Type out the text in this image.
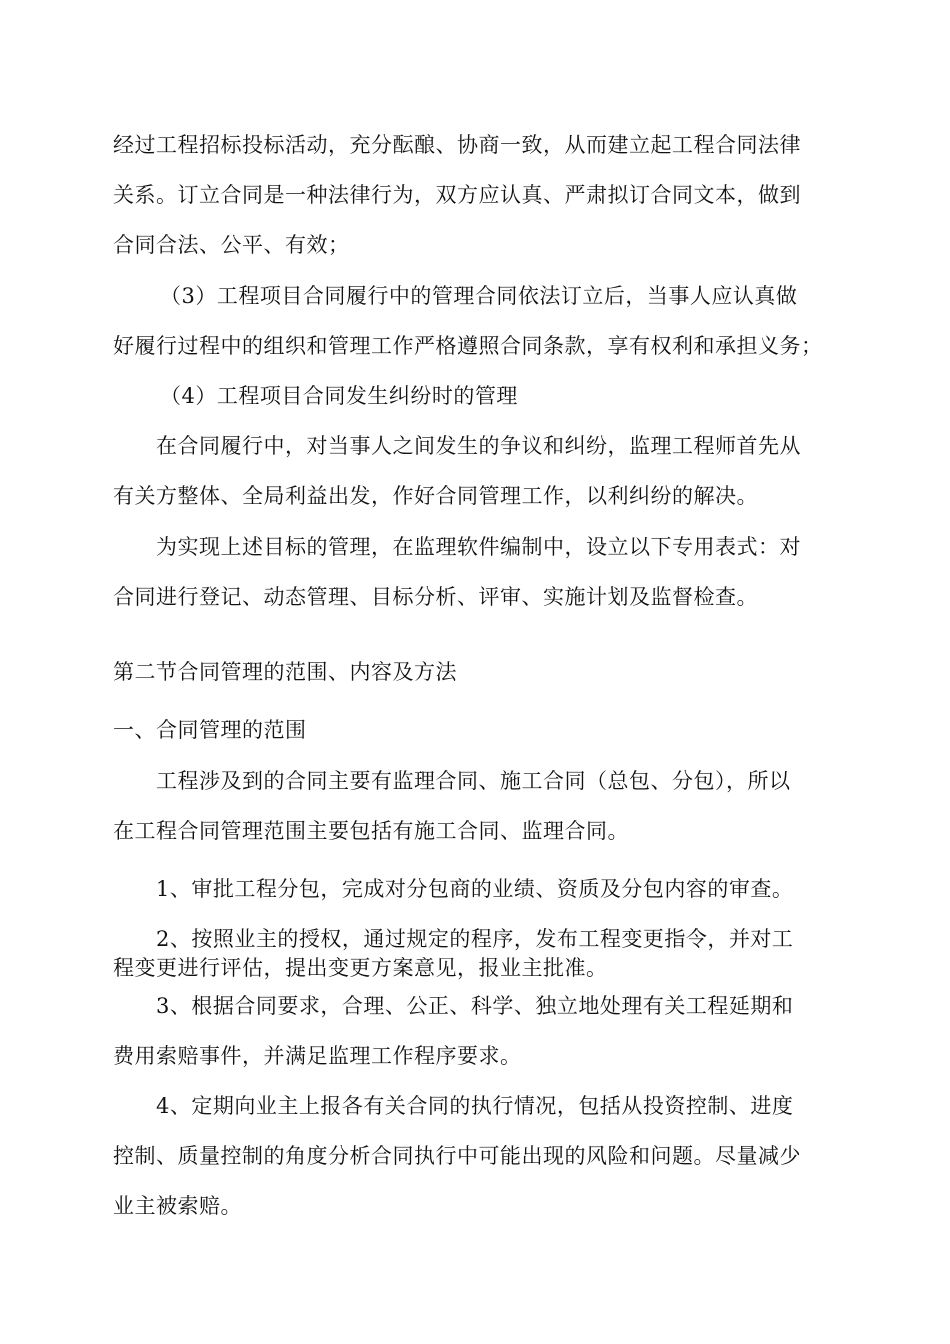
经过工程招标投标活动，充分酝酿、协商一致，从而建立起工程合同法律
关系。订立合同是一种法律行为，双方应认真、严肃拟订合同文本，做到
合同合法、公平、有效；
（3）工程项目合同履行中的管理合同依法订立后，当事人应认真做
好履行过程中的组织和管理工作严格遵照合同条款，享有权利和承担义务；
（4）工程项目合同发生纠纷时的管理
在合同履行中，对当事人之间发生的争议和纠纷，监理工程师首先从
有关方整体、全局利益出发，作好合同管理工作，以利纠纷的解决。
为实现上述目标的管理，在监理软件编制中，设立以下专用表式：对
合同进行登记、动态管理、目标分析、评审、实施计划及监督检查。
第二节合同管理的范围、内容及方法
一、合同管理的范围
工程涉及到的合同主要有监理合同、施工合同（总包、分包），所以
在工程合同管理范围主要包括有施工合同、监理合同。
1、审批工程分包，完成对分包商的业绩、资质及分包内容的审查。
2、按照业主的授权，通过规定的程序，发布工程变更指令，并对工
程变更进行评估，提出变更方案意见，报业主批准。
3、根据合同要求，合理、公正、科学、独立地处理有关工程延期和
费用索赔事件，并满足监理工作程序要求。
4、定期向业主上报各有关合同的执行情况，包括从投资控制、进度
控制、质量控制的角度分析合同执行中可能出现的风险和问题。尽量减少
业主被索赔。
